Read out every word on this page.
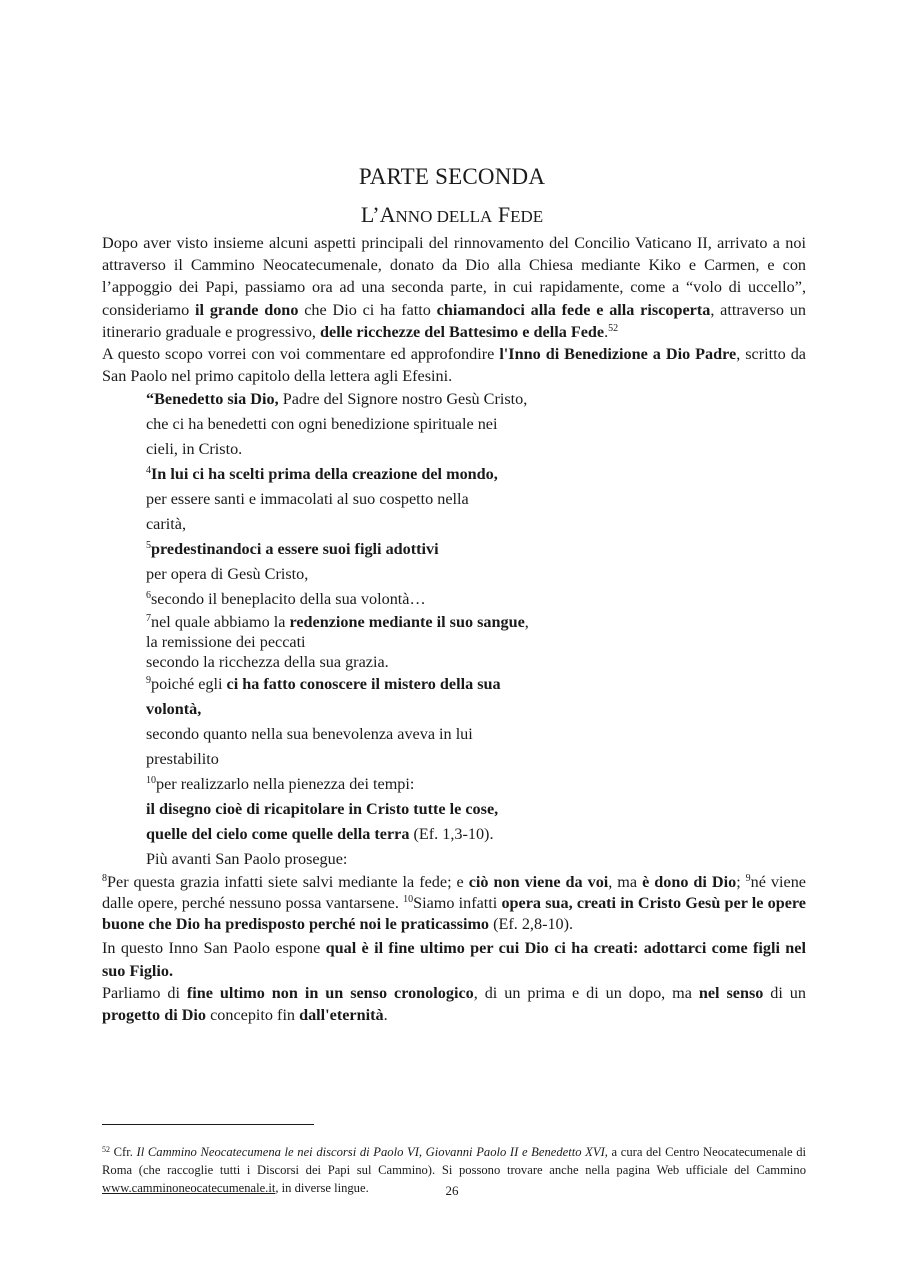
PARTE SECONDA
L’ANNO DELLA FEDE

Dopo aver visto insieme alcuni aspetti principali del rinnovamento del Concilio Vaticano II, arrivato a noi attraverso il Cammino Neocatecumenale, donato da Dio alla Chiesa mediante Kiko e Carmen, e con l’appoggio dei Papi, passiamo ora ad una seconda parte, in cui rapidamente, come a “volo di uccello”, consideriamo il grande dono che Dio ci ha fatto chiamandoci alla fede e alla riscoperta, attraverso un itinerario graduale e progressivo, delle ricchezze del Battesimo e della Fede.$^{52}$

A questo scopo vorrei con voi commentare ed approfondire l'Inno di Benedizione a Dio Padre, scritto da San Paolo nel primo capitolo della lettera agli Efesini.

“Benedetto sia Dio, Padre del Signore nostro Gesù Cristo,
che ci ha benedetti con ogni benedizione spirituale nei
cieli, in Cristo.
$^4$In lui ci ha scelti prima della creazione del mondo,
per essere santi e immacolati al suo cospetto nella
carità,
$^5$predestinandoci a essere suoi figli adottivi
per opera di Gesù Cristo,
$^6$secondo il beneplacito della sua volontà…
$^7$nel quale abbiamo la redenzione mediante il suo sangue,
la remissione dei peccati
secondo la ricchezza della sua grazia.
$^9$poiché egli ci ha fatto conoscere il mistero della sua
volontà,
secondo quanto nella sua benevolenza aveva in lui
prestabilito
$^{10}$per realizzarlo nella pienezza dei tempi:
il disegno cioè di ricapitolare in Cristo tutte le cose,
quelle del cielo come quelle della terra (Ef. 1,3-10).
Più avanti San Paolo prosegue:

$^8$Per questa grazia infatti siete salvi mediante la fede; e ciò non viene da voi, ma è dono di Dio; $^9$né viene dalle opere, perché nessuno possa vantarsene. $^{10}$Siamo infatti opera sua, creati in Cristo Gesù per le opere buone che Dio ha predisposto perché noi le praticassimo (Ef. 2,8-10).

In questo Inno San Paolo espone qual è il fine ultimo per cui Dio ci ha creati: adottarci come figli nel suo Figlio.

Parliamo di fine ultimo non in un senso cronologico, di un prima e di un dopo, ma nel senso di un progetto di Dio concepito fin dall'eternità.

$^{52}$ Cfr. Il Cammino Neocatecumena le nei discorsi di Paolo VI, Giovanni Paolo II e Benedetto XVI, a cura del Centro Neocatecumenale di Roma (che raccoglie tutti i Discorsi dei Papi sul Cammino). Si possono trovare anche nella pagina Web ufficiale del Cammino www.camminoneocatecumenale.it, in diverse lingue.	26
